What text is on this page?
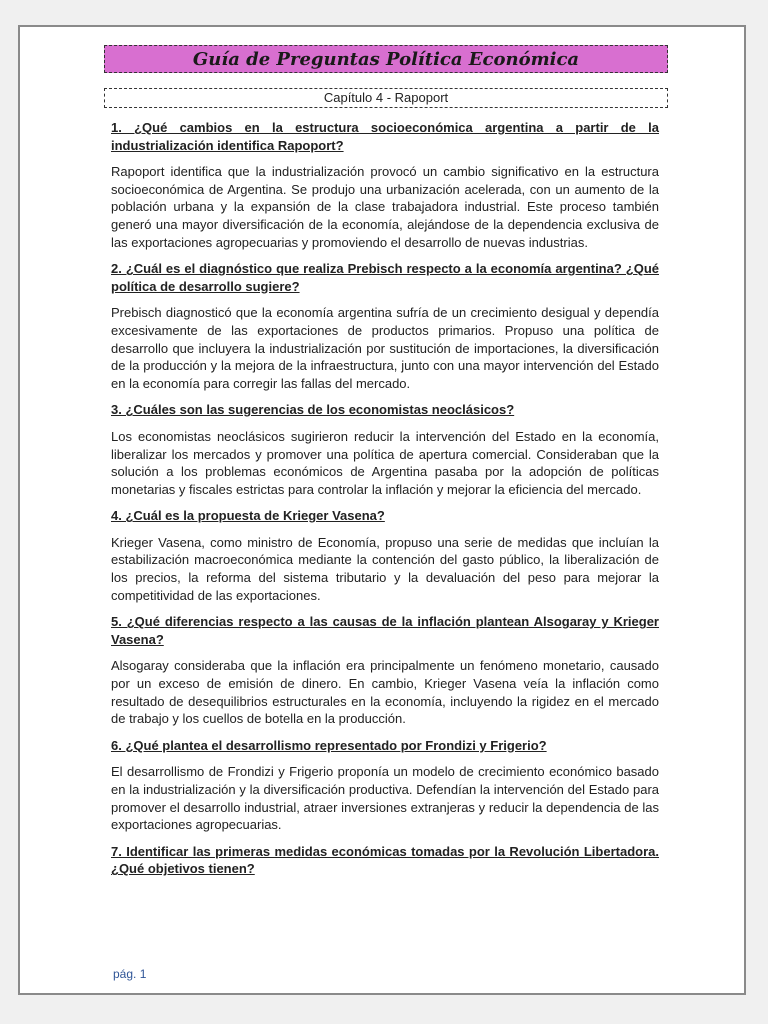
Guía de Preguntas Política Económica
Capítulo 4 - Rapoport

1. ¿Qué cambios en la estructura socioeconómica argentina a partir de la industrialización identifica Rapoport?

Rapoport identifica que la industrialización provocó un cambio significativo en la estructura socioeconómica de Argentina. Se produjo una urbanización acelerada, con un aumento de la población urbana y la expansión de la clase trabajadora industrial. Este proceso también generó una mayor diversificación de la economía, alejándose de la dependencia exclusiva de las exportaciones agropecuarias y promoviendo el desarrollo de nuevas industrias.

2. ¿Cuál es el diagnóstico que realiza Prebisch respecto a la economía argentina? ¿Qué política de desarrollo sugiere?

Prebisch diagnosticó que la economía argentina sufría de un crecimiento desigual y dependía excesivamente de las exportaciones de productos primarios. Propuso una política de desarrollo que incluyera la industrialización por sustitución de importaciones, la diversificación de la producción y la mejora de la infraestructura, junto con una mayor intervención del Estado en la economía para corregir las fallas del mercado.

3. ¿Cuáles son las sugerencias de los economistas neoclásicos?

Los economistas neoclásicos sugirieron reducir la intervención del Estado en la economía, liberalizar los mercados y promover una política de apertura comercial. Consideraban que la solución a los problemas económicos de Argentina pasaba por la adopción de políticas monetarias y fiscales estrictas para controlar la inflación y mejorar la eficiencia del mercado.

4. ¿Cuál es la propuesta de Krieger Vasena?

Krieger Vasena, como ministro de Economía, propuso una serie de medidas que incluían la estabilización macroeconómica mediante la contención del gasto público, la liberalización de los precios, la reforma del sistema tributario y la devaluación del peso para mejorar la competitividad de las exportaciones.

5. ¿Qué diferencias respecto a las causas de la inflación plantean Alsogaray y Krieger Vasena?

Alsogaray consideraba que la inflación era principalmente un fenómeno monetario, causado por un exceso de emisión de dinero. En cambio, Krieger Vasena veía la inflación como resultado de desequilibrios estructurales en la economía, incluyendo la rigidez en el mercado de trabajo y los cuellos de botella en la producción.

6. ¿Qué plantea el desarrollismo representado por Frondizi y Frigerio?

El desarrollismo de Frondizi y Frigerio proponía un modelo de crecimiento económico basado en la industrialización y la diversificación productiva. Defendían la intervención del Estado para promover el desarrollo industrial, atraer inversiones extranjeras y reducir la dependencia de las exportaciones agropecuarias.

7. Identificar las primeras medidas económicas tomadas por la Revolución Libertadora. ¿Qué objetivos tienen?

pág. 1
